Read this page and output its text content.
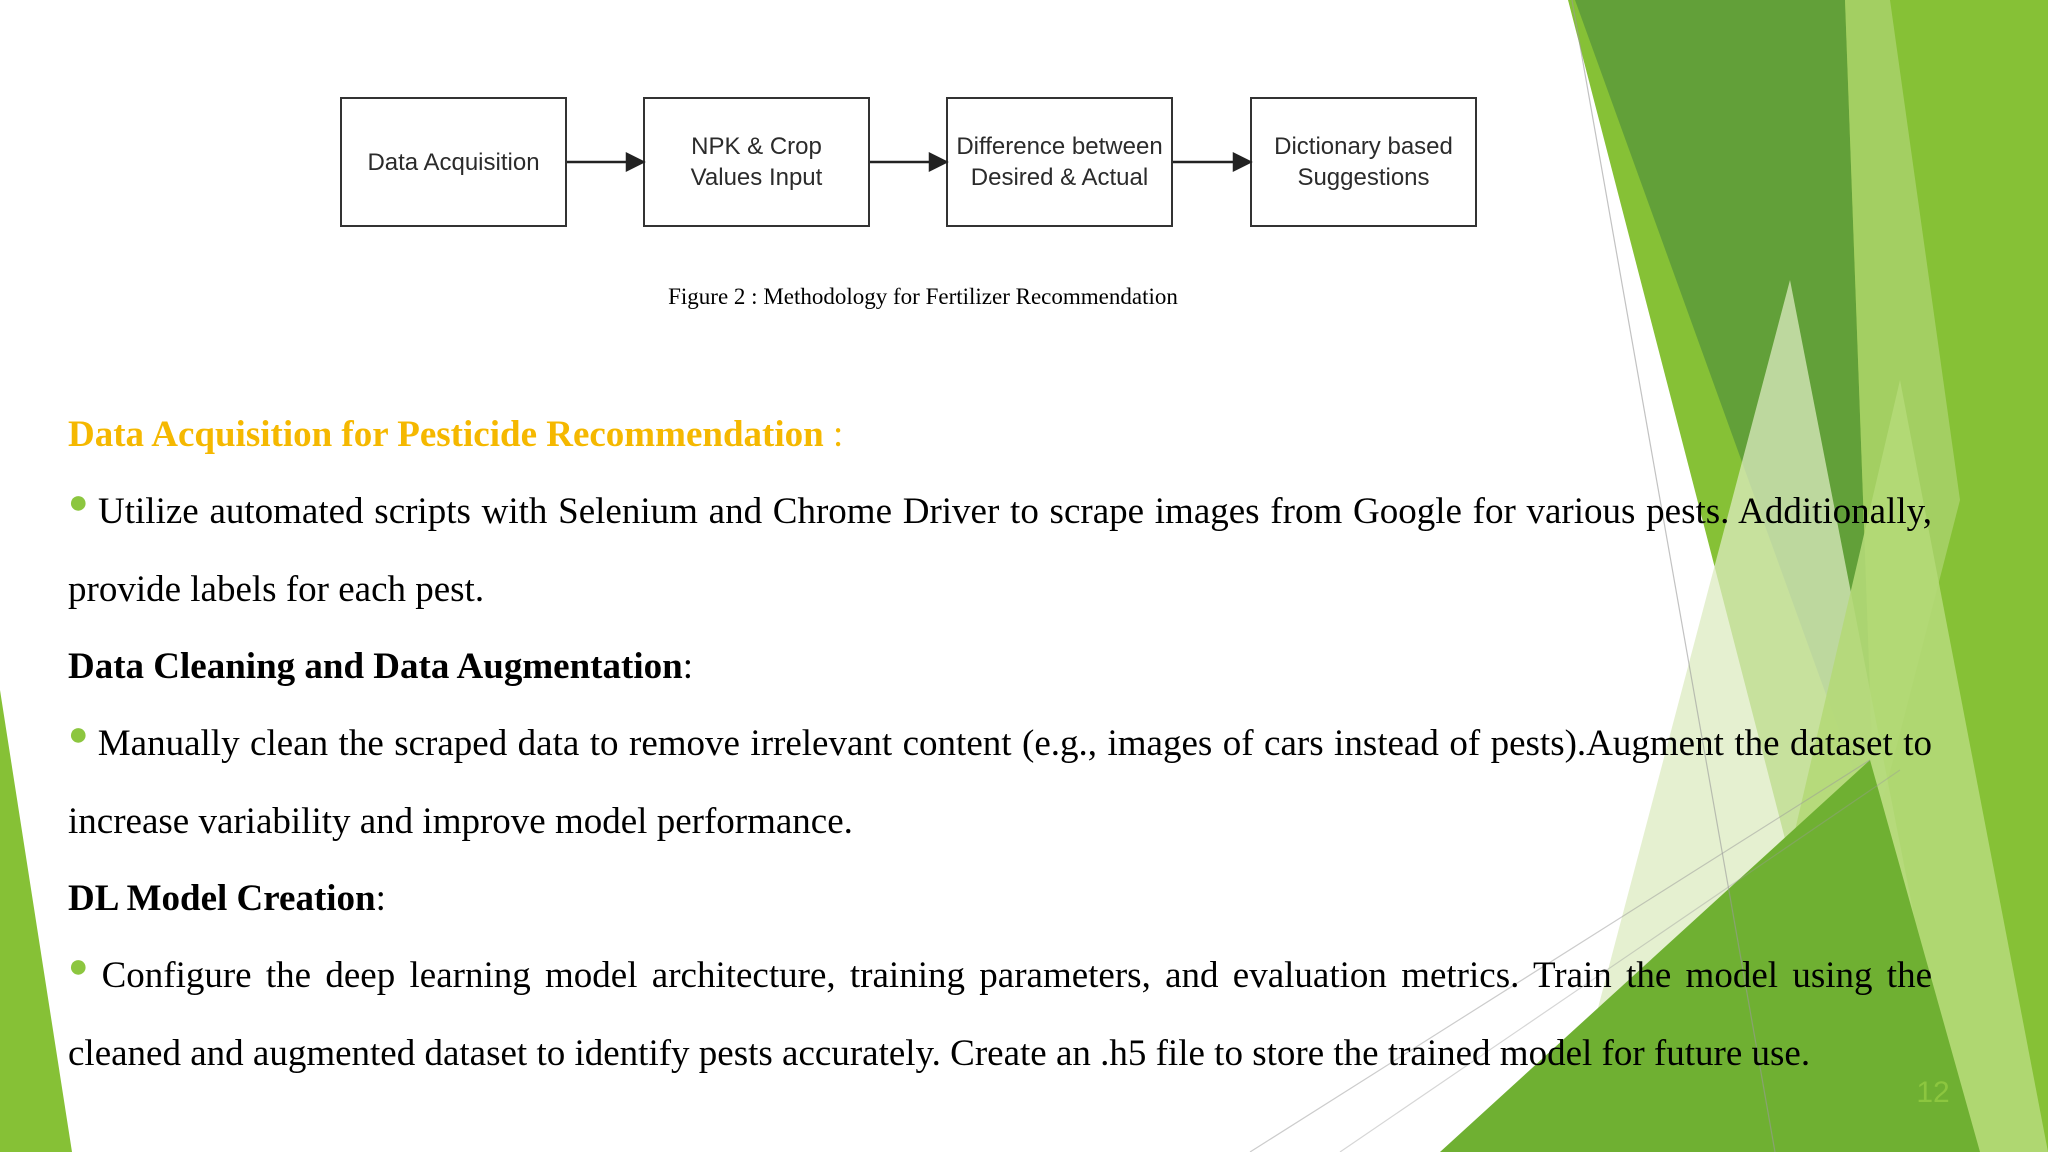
Data Acquisition
NPK & Crop
Values Input
Difference between
Desired & Actual
Dictionary based
Suggestions
Figure 2 : Methodology for Fertilizer Recommendation

Data Acquisition for Pesticide Recommendation :

● Utilize automated scripts with Selenium and Chrome Driver to scrape images from Google for various pests. Additionally, provide labels for each pest.

Data Cleaning and Data Augmentation:

● Manually clean the scraped data to remove irrelevant content (e.g., images of cars instead of pests).Augment the dataset to increase variability and improve model performance.

DL Model Creation:

● Configure the deep learning model architecture, training parameters, and evaluation metrics. Train the model using the cleaned and augmented dataset to identify pests accurately. Create an .h5 file to store the trained model for future use.

12
